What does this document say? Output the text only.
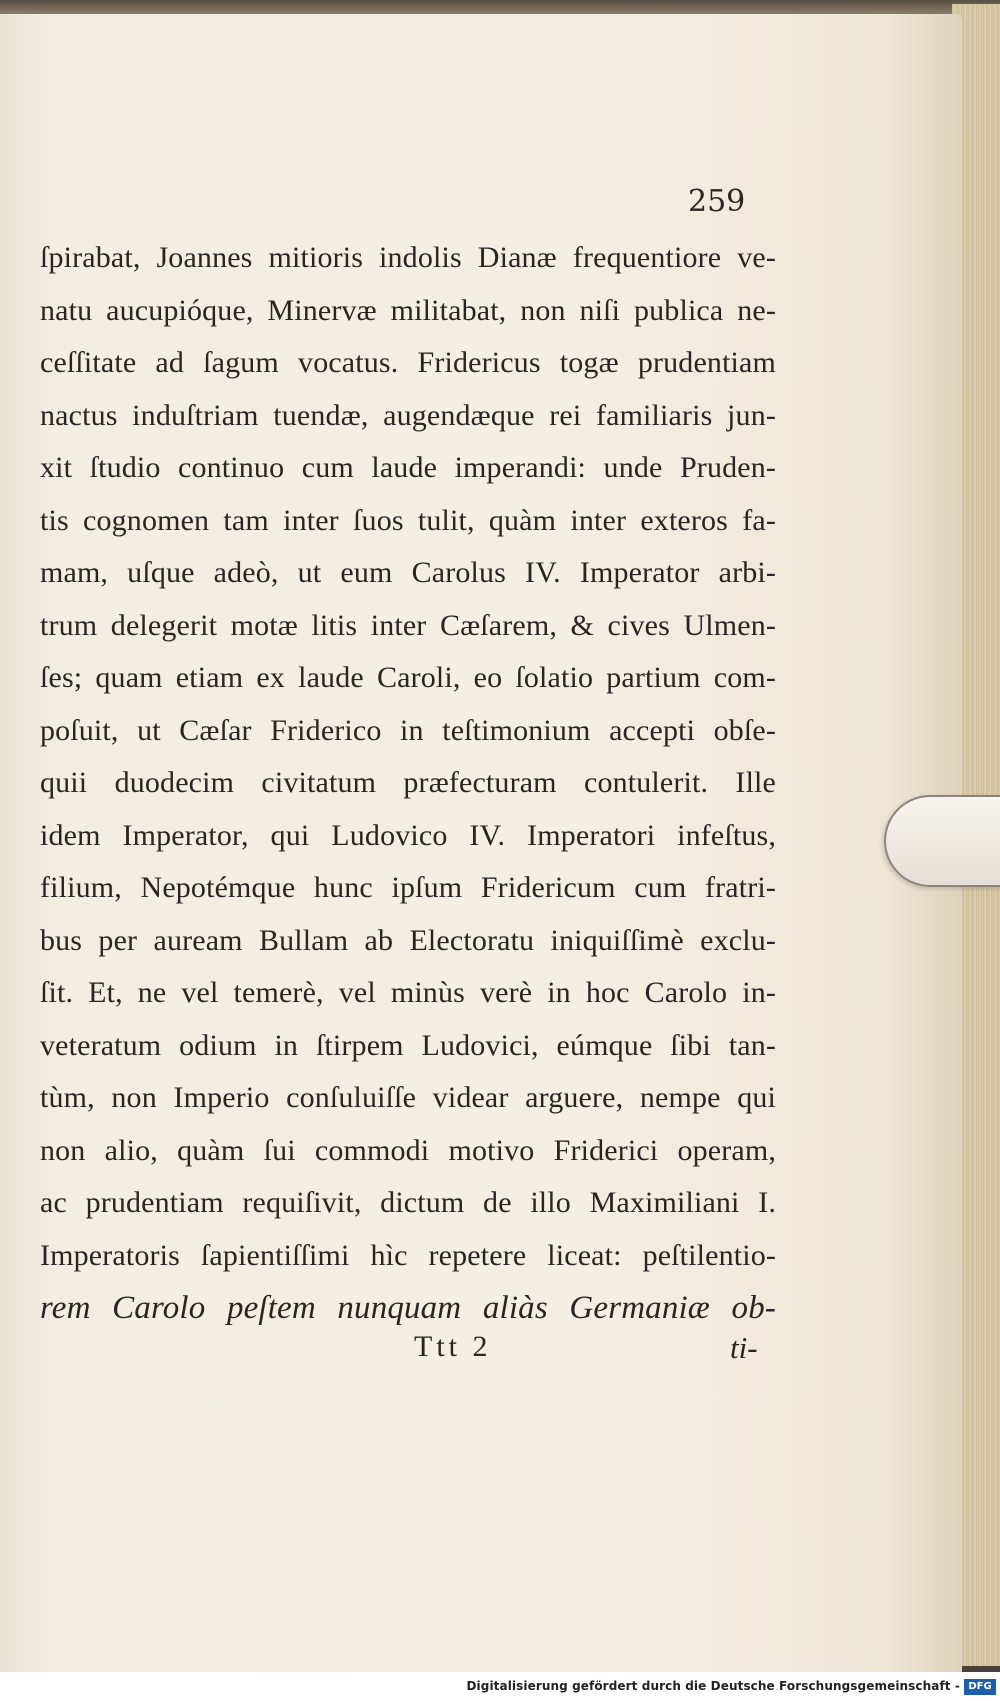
259

ſpirabat, Joannes mitioris indolis Dianæ frequentiore ve-
natu aucupióque, Minervæ militabat, non niſi publica ne-
ceſſitate ad ſagum vocatus. Fridericus togæ prudentiam
nactus induſtriam tuendæ, augendæque rei familiaris jun-
xit ſtudio continuo cum laude imperandi: unde Pruden-
tis cognomen tam inter ſuos tulit, quàm inter exteros fa-
mam, uſque adeò, ut eum Carolus IV. Imperator arbi-
trum delegerit motæ litis inter Cæſarem, & cives Ulmen-
ſes; quam etiam ex laude Caroli, eo ſolatio partium com-
poſuit, ut Cæſar Friderico in teſtimonium accepti obſe-
quii duodecim civitatum præfecturam contulerit. Ille
idem Imperator, qui Ludovico IV. Imperatori infeſtus,
filium, Nepotémque hunc ipſum Fridericum cum fratri-
bus per auream Bullam ab Electoratu iniquiſſimè exclu-
ſit. Et, ne vel temerè, vel minùs verè in hoc Carolo in-
veteratum odium in ſtirpem Ludovici, eúmque ſibi tan-
tùm, non Imperio conſuluiſſe videar arguere, nempe qui
non alio, quàm ſui commodi motivo Friderici operam,
ac prudentiam requiſivit, dictum de illo Maximiliani I.
Imperatoris ſapientiſſimi hìc repetere liceat: peſtilentio-
rem Carolo peſtem nunquam aliàs Germaniæ ob-

Ttt 2	ti-

Digitalisierung gefördert durch die Deutsche Forschungsgemeinschaft - DFG
